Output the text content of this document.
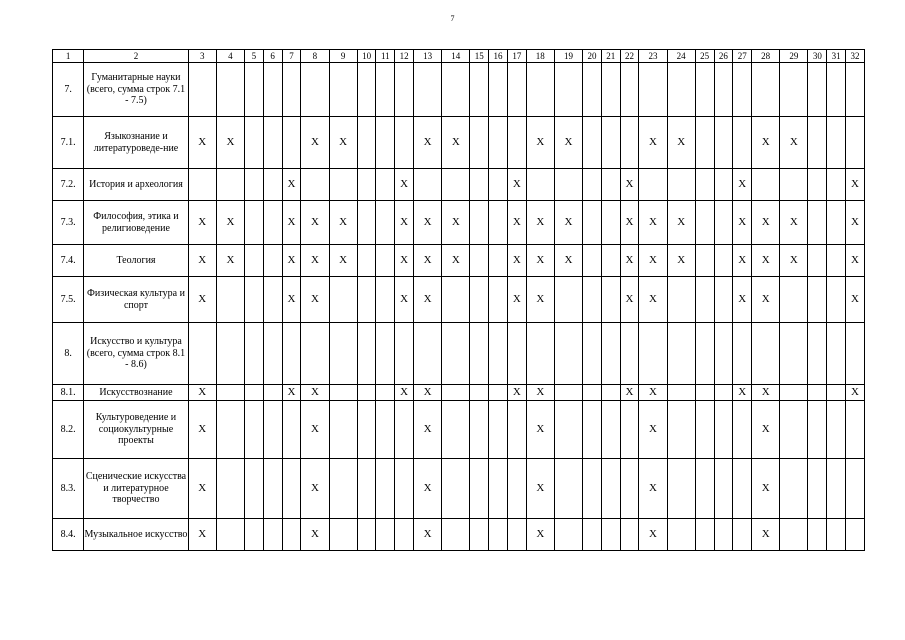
7
1	2	3	4	5	6	7	8	9	10	11	12	13	14	15	16	17	18	19	20	21	22	23	24	25	26	27	28	29	30	31	32
7.	Гуманитарные науки (всего, сумма строк 7.1 - 7.5)																														
7.1.	Языкознание и литературоведе-ние	X	X				X	X				X	X				X	X				X	X				X	X			
7.2.	История и археология					X					X					X					X					X					X
7.3.	Философия, этика и религиоведение	X	X			X	X	X			X	X	X			X	X	X			X	X	X			X	X	X			X
7.4.	Теология	X	X			X	X	X			X	X	X			X	X	X			X	X	X			X	X	X			X
7.5.	Физическая культура и спорт	X				X	X				X	X				X	X				X	X				X	X				X
8.	Искусство и культура (всего, сумма строк 8.1 - 8.6)																														
8.1.	Искусствознание	X				X	X				X	X				X	X				X	X				X	X				X
8.2.	Культуроведение и социокультурные проекты	X					X					X					X					X					X				
8.3.	Сценические искусства и литературное творчество	X					X					X					X					X					X				
8.4.	Музыкальное искусство	X					X					X					X					X					X				
